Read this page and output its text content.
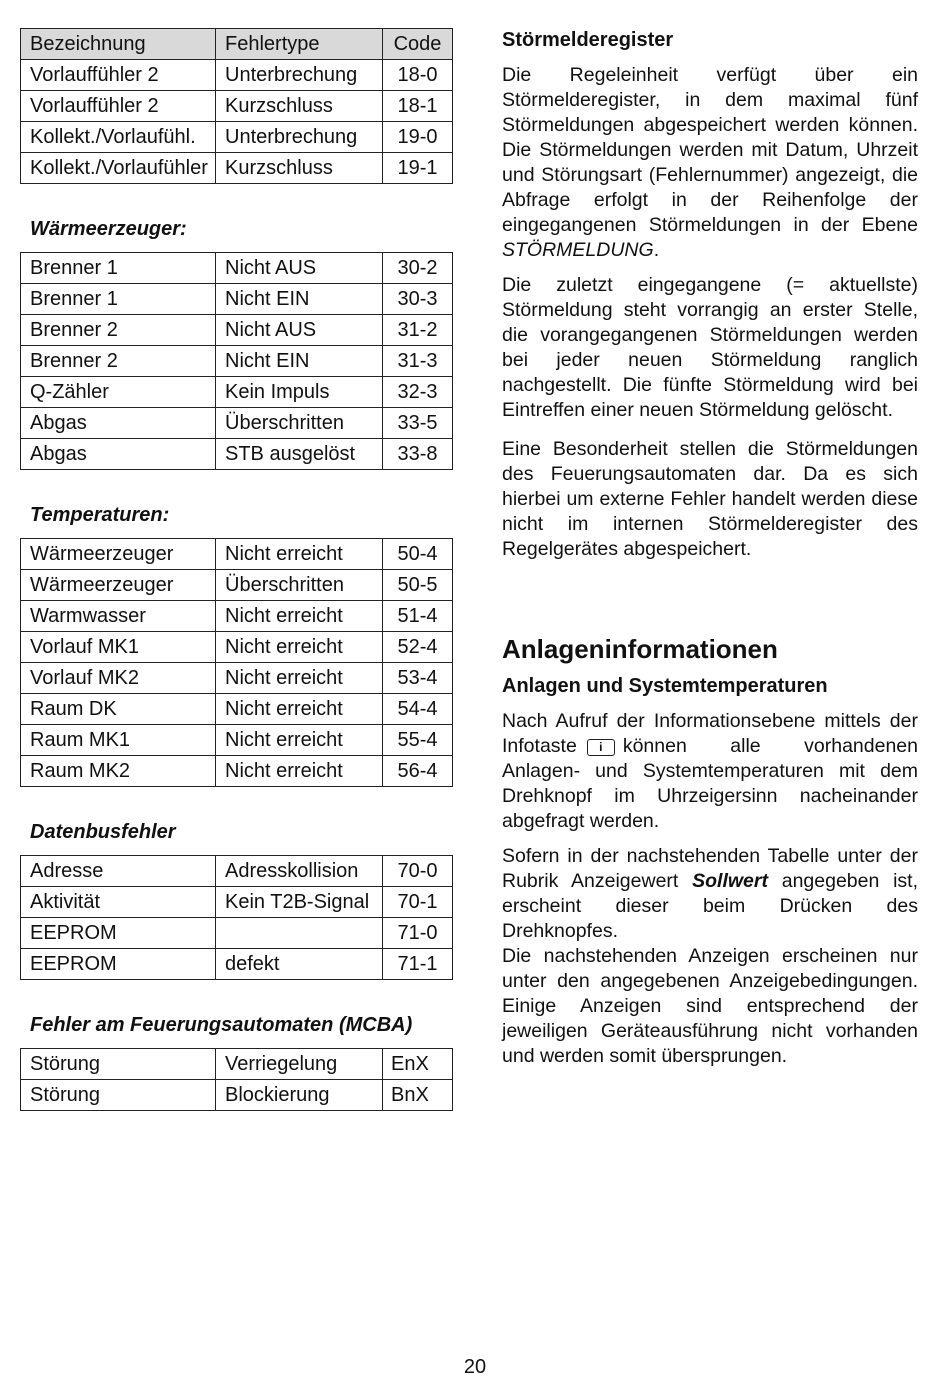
Bezeichnung	Fehlertype	Code
Vorlauffühler 2	Unterbrechung	18-0
Vorlauffühler 2	Kurzschluss	18-1
Kollekt./Vorlaufühl.	Unterbrechung	19-0
Kollekt./Vorlaufühler	Kurzschluss	19-1
Wärmeerzeuger:
Brenner 1	Nicht AUS	30-2
Brenner 1	Nicht EIN	30-3
Brenner 2	Nicht AUS	31-2
Brenner 2	Nicht EIN	31-3
Q-Zähler	Kein Impuls	32-3
Abgas	Überschritten	33-5
Abgas	STB ausgelöst	33-8
Temperaturen:
Wärmeerzeuger	Nicht erreicht	50-4
Wärmeerzeuger	Überschritten	50-5
Warmwasser	Nicht erreicht	51-4
Vorlauf MK1	Nicht erreicht	52-4
Vorlauf MK2	Nicht erreicht	53-4
Raum DK	Nicht erreicht	54-4
Raum MK1	Nicht erreicht	55-4
Raum MK2	Nicht erreicht	56-4
Datenbusfehler
Adresse	Adresskollision	70-0
Aktivität	Kein T2B-Signal	70-1
EEPROM		71-0
EEPROM	defekt	71-1
Fehler am Feuerungsautomaten (MCBA)
Störung	Verriegelung	EnX
Störung	Blockierung	BnX
Störmelderegister

Die Regeleinheit verfügt über ein Störmelderegister, in dem maximal fünf Störmeldungen abgespeichert werden können. Die Störmeldungen werden mit Datum, Uhrzeit und Störungsart (Fehlernummer) angezeigt, die Abfrage erfolgt in der Reihenfolge der eingegangenen Störmeldungen in der Ebene STÖRMELDUNG.

Die zuletzt eingegangene (= aktuellste) Störmeldung steht vorrangig an erster Stelle, die vorangegangenen Störmeldungen werden bei jeder neuen Störmeldung ranglich nachgestellt. Die fünfte Störmeldung wird bei Eintreffen einer neuen Störmeldung gelöscht.

Eine Besonderheit stellen die Störmeldungen des Feuerungsautomaten dar. Da es sich hierbei um externe Fehler handelt werden diese nicht im internen Störmelderegister des Regelgerätes abgespeichert.

Anlageninformationen
Anlagen und Systemtemperaturen

Nach Aufruf der Informationsebene mittels der Infotaste i können alle vorhandenen Anlagen- und Systemtemperaturen mit dem Drehknopf im Uhrzeigersinn nacheinander abgefragt werden.

Sofern in der nachstehenden Tabelle unter der Rubrik Anzeigewert Sollwert angegeben ist, erscheint dieser beim Drücken des Drehknopfes.

Die nachstehenden Anzeigen erscheinen nur unter den angegebenen Anzeigebedingungen. Einige Anzeigen sind entsprechend der jeweiligen Geräteausführung nicht vorhanden und werden somit übersprungen.

20
